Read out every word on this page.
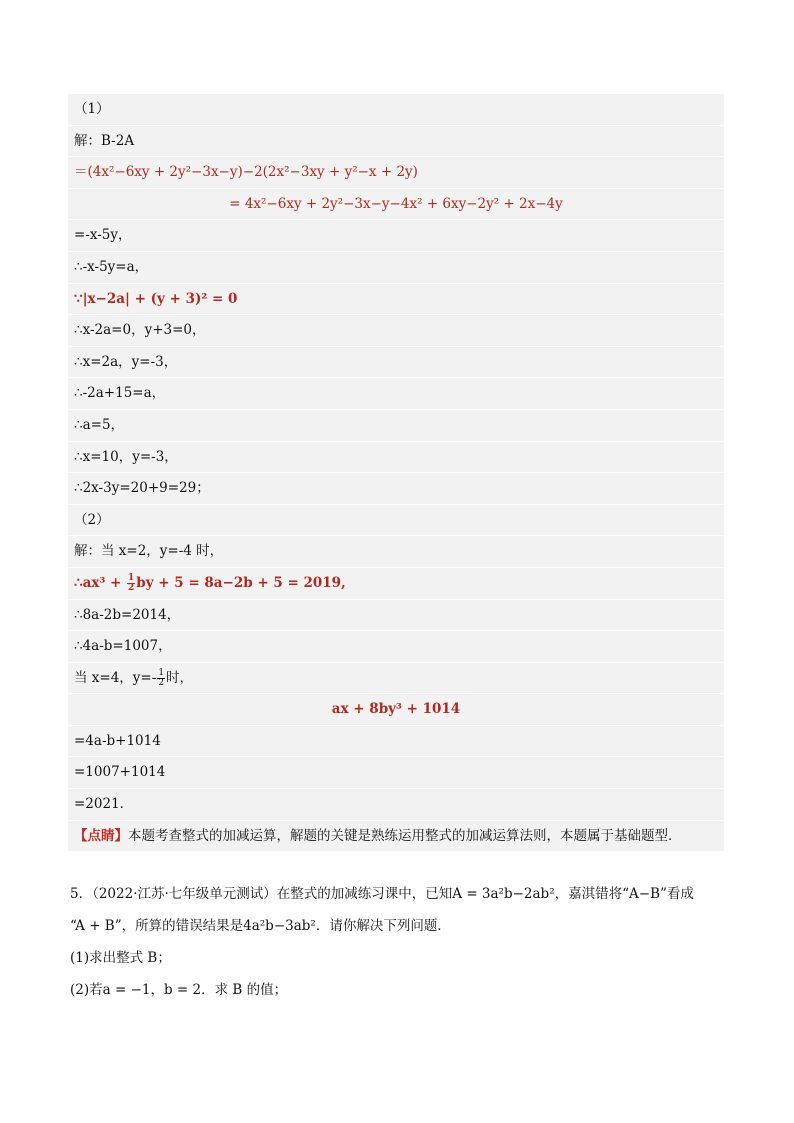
（1）
解：B-2A
＝(4x²−6xy + 2y²−3x−y)−2(2x²−3xy + y²−x + 2y)
= 4x²−6xy + 2y²−3x−y−4x² + 6xy−2y² + 2x−4y
=-x-5y，
∴-x-5y=a，
∵|x−2a| + (y + 3)² = 0
∴x-2a=0，y+3=0，
∴x=2a，y=-3，
∴-2a+15=a，
∴a=5，
∴x=10，y=-3，
∴2x-3y=20+9=29；
（2）
解：当 x=2，y=-4 时，
∴ax³ + $\frac{1}{2}$ by + 5 = 8a−2b + 5 = 2019,
∴8a-2b=2014，
∴4a-b=1007，
当 x=4，$y=- \frac{1}{2}$ 时，
ax + 8by³ + 1014
=4a-b+1014
=1007+1014
=2021．
【点睛】本题考查整式的加减运算，解题的关键是熟练运用整式的加减运算法则，本题属于基础题型．
5．（2022·江苏·七年级单元测试）在整式的加减练习课中，已知A = 3a²b−2ab²，嘉淇错将“A−B”看成
“A + B”，所算的错误结果是4a²b−3ab²．请你解决下列问题．
(1)求出整式 B；
(2)若a = −1，b = 2．求 B 的值；
